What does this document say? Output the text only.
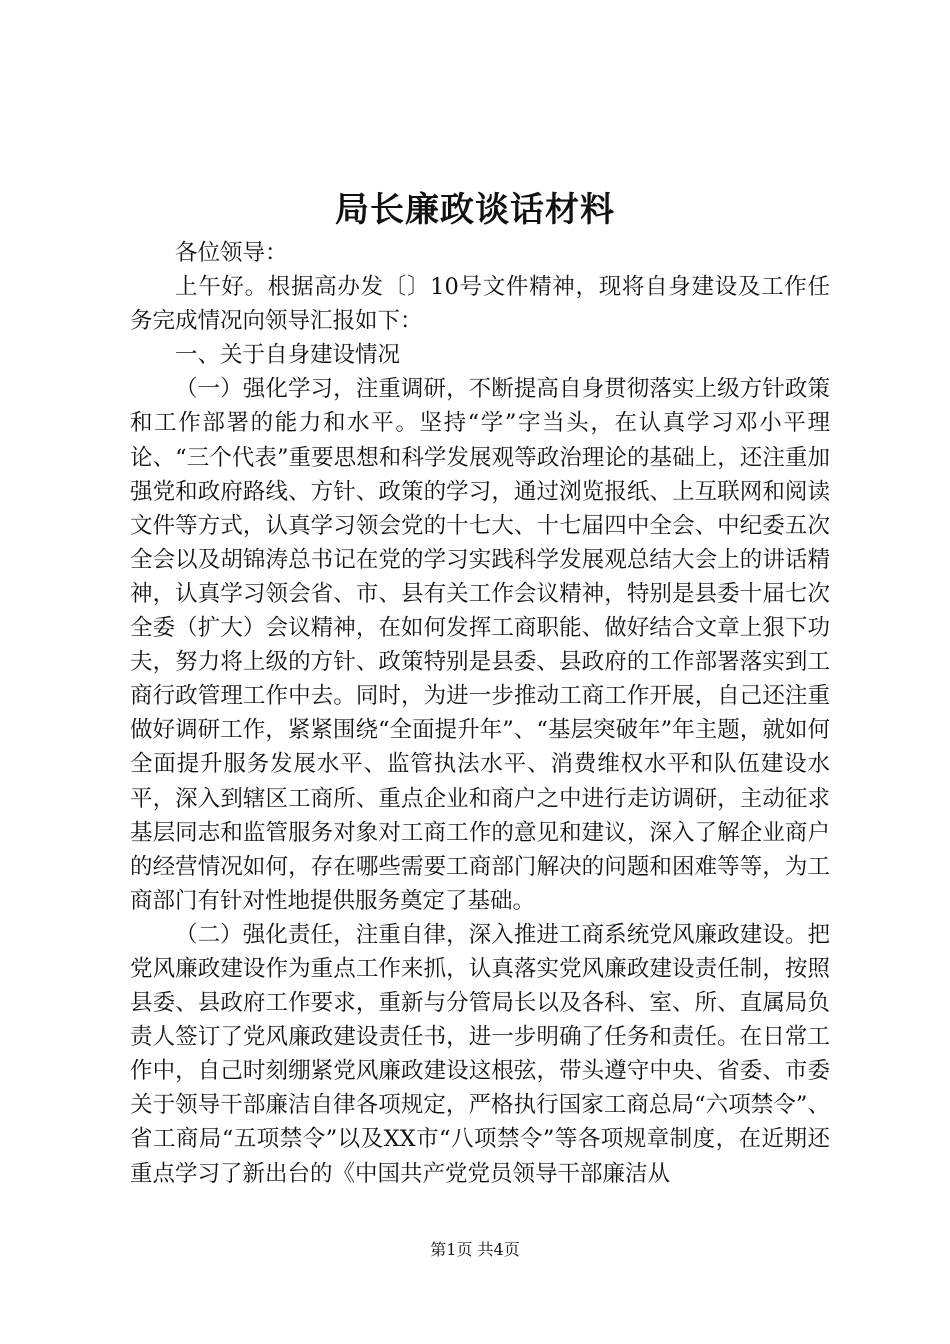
局长廉政谈话材料

各位领导：

上午好。根据高办发〔〕10号文件精神，现将自身建设及工作任务完成情况向领导汇报如下：

一、关于自身建设情况

（一）强化学习，注重调研，不断提高自身贯彻落实上级方针政策和工作部署的能力和水平。坚持“学”字当头，在认真学习邓小平理论、“三个代表”重要思想和科学发展观等政治理论的基础上，还注重加强党和政府路线、方针、政策的学习，通过浏览报纸、上互联网和阅读文件等方式，认真学习领会党的十七大、十七届四中全会、中纪委五次全会以及胡锦涛总书记在党的学习实践科学发展观总结大会上的讲话精神，认真学习领会省、市、县有关工作会议精神，特别是县委十届七次全委（扩大）会议精神，在如何发挥工商职能、做好结合文章上狠下功夫，努力将上级的方针、政策特别是县委、县政府的工作部署落实到工商行政管理工作中去。同时，为进一步推动工商工作开展，自己还注重做好调研工作，紧紧围绕“全面提升年”、“基层突破年”年主题，就如何全面提升服务发展水平、监管执法水平、消费维权水平和队伍建设水平，深入到辖区工商所、重点企业和商户之中进行走访调研，主动征求基层同志和监管服务对象对工商工作的意见和建议，深入了解企业商户的经营情况如何，存在哪些需要工商部门解决的问题和困难等等，为工商部门有针对性地提供服务奠定了基础。

（二）强化责任，注重自律，深入推进工商系统党风廉政建设。把党风廉政建设作为重点工作来抓，认真落实党风廉政建设责任制，按照县委、县政府工作要求，重新与分管局长以及各科、室、所、直属局负责人签订了党风廉政建设责任书，进一步明确了任务和责任。在日常工作中，自己时刻绷紧党风廉政建设这根弦，带头遵守中央、省委、市委关于领导干部廉洁自律各项规定，严格执行国家工商总局“六项禁令”、省工商局“五项禁令”以及XX市“八项禁令”等各项规章制度，在近期还重点学习了新出台的《中国共产党党员领导干部廉洁从

第1页 共4页
